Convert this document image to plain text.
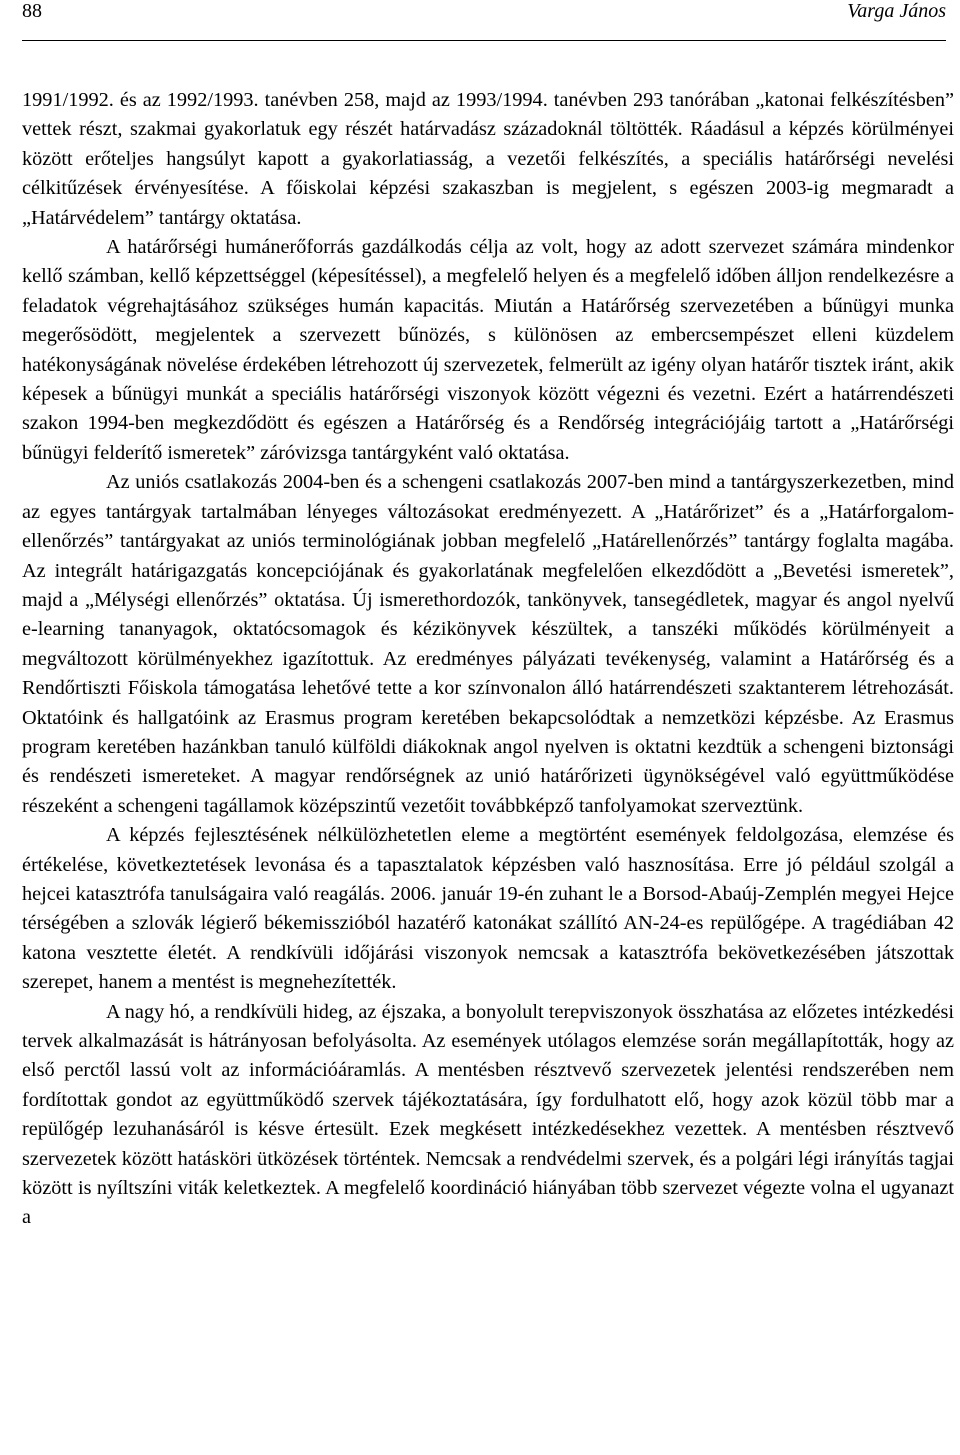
88	Varga János

1991/1992. és az 1992/1993. tanévben 258, majd az 1993/1994. tanévben 293 tanórában „katonai felkészítésben” vettek részt, szakmai gyakorlatuk egy részét határvadász századoknál töltötték. Ráadásul a képzés körülményei között erőteljes hangsúlyt kapott a gyakorlatiasság, a vezetői felkészítés, a speciális határőrségi nevelési célkitűzések érvényesítése. A főiskolai képzési szakaszban is megjelent, s egészen 2003-ig megmaradt a „Határvédelem” tantárgy oktatása.

A határőrségi humánerőforrás gazdálkodás célja az volt, hogy az adott szervezet számára mindenkor kellő számban, kellő képzettséggel (képesítéssel), a megfelelő helyen és a megfelelő időben álljon rendelkezésre a feladatok végrehajtásához szükséges humán kapacitás. Miután a Határőrség szervezetében a bűnügyi munka megerősödött, megjelentek a szervezett bűnözés, s különösen az embercsempészet elleni küzdelem hatékonyságának növelése érdekében létrehozott új szervezetek, felmerült az igény olyan határőr tisztek iránt, akik képesek a bűnügyi munkát a speciális határőrségi viszonyok között végezni és vezetni. Ezért a határrendészeti szakon 1994-ben megkezdődött és egészen a Határőrség és a Rendőrség integrációjáig tartott a „Határőrségi bűnügyi felderítő ismeretek” záróvizsga tantárgyként való oktatása.

Az uniós csatlakozás 2004-ben és a schengeni csatlakozás 2007-ben mind a tantárgyszerkezetben, mind az egyes tantárgyak tartalmában lényeges változásokat eredményezett. A „Határőrizet” és a „Határforgalom-ellenőrzés” tantárgyakat az uniós terminológiának jobban megfelelő „Határellenőrzés” tantárgy foglalta magába. Az integrált határigazgatás koncepciójának és gyakorlatának megfelelően elkezdődött a „Bevetési ismeretek”, majd a „Mélységi ellenőrzés” oktatása. Új ismerethordozók, tankönyvek, tansegédletek, magyar és angol nyelvű e-learning tananyagok, oktatócsomagok és kézikönyvek készültek, a tanszéki működés körülményeit a megváltozott körülményekhez igazítottuk. Az eredményes pályázati tevékenység, valamint a Határőrség és a Rendőrtiszti Főiskola támogatása lehetővé tette a kor színvonalon álló határrendészeti szaktanterem létrehozását. Oktatóink és hallgatóink az Erasmus program keretében bekapcsolódtak a nemzetközi képzésbe. Az Erasmus program keretében hazánkban tanuló külföldi diákoknak angol nyelven is oktatni kezdtük a schengeni biztonsági és rendészeti ismereteket. A magyar rendőrségnek az unió határőrizeti ügynökségével való együttműködése részeként a schengeni tagállamok középszintű vezetőit továbbképző tanfolyamokat szerveztünk.

A képzés fejlesztésének nélkülözhetetlen eleme a megtörtént események feldolgozása, elemzése és értékelése, következtetések levonása és a tapasztalatok képzésben való hasznosítása. Erre jó például szolgál a hejcei katasztrófa tanulságaira való reagálás. 2006. január 19-én zuhant le a Borsod-Abaúj-Zemplén megyei Hejce térségében a szlovák légierő békemisszióból hazatérő katonákat szállító AN-24-es repülőgépe. A tragédiában 42 katona vesztette életét. A rendkívüli időjárási viszonyok nemcsak a katasztrófa bekövetkezésében játszottak szerepet, hanem a mentést is megnehezítették.

A nagy hó, a rendkívüli hideg, az éjszaka, a bonyolult terepviszonyok összhatása az előzetes intézkedési tervek alkalmazását is hátrányosan befolyásolta. Az események utólagos elemzése során megállapították, hogy az első perctől lassú volt az információáramlás. A mentésben résztvevő szervezetek jelentési rendszerében nem fordítottak gondot az együttműködő szervek tájékoztatására, így fordulhatott elő, hogy azok közül több mar a repülőgép lezuhanásáról is késve értesült. Ezek megkésett intézkedésekhez vezettek. A mentésben résztvevő szervezetek között hatásköri ütközések történtek. Nemcsak a rendvédelmi szervek, és a polgári légi irányítás tagjai között is nyíltszíni viták keletkeztek. A megfelelő koordináció hiányában több szervezet végezte volna el ugyanazt a
